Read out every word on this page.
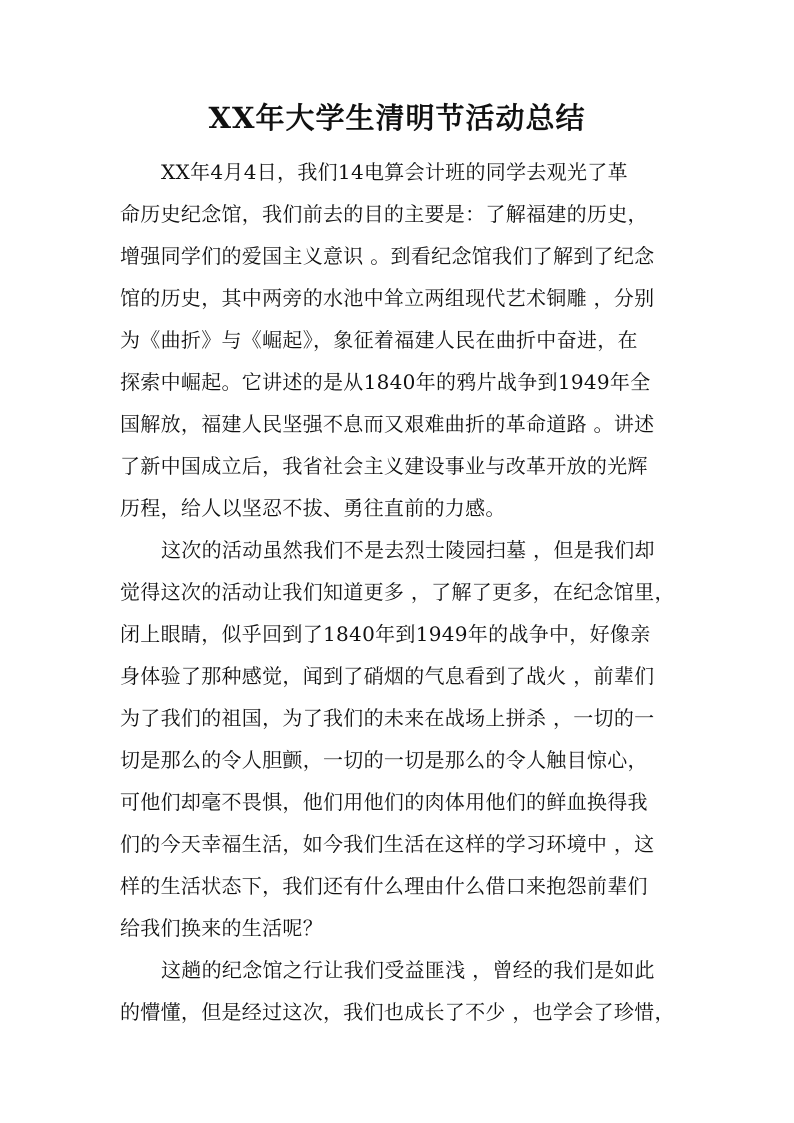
XX年大学生清明节活动总结
XX年4月4日，我们14电算会计班的同学去观光了革
命历史纪念馆，我们前去的目的主要是：了解福建的历史，
增强同学们的爱国主义意识 。到看纪念馆我们了解到了纪念
馆的历史，其中两旁的水池中耸立两组现代艺术铜雕 ，分别
为《曲折》与《崛起》，象征着福建人民在曲折中奋进，在
探索中崛起。它讲述的是从1840年的鸦片战争到1949年全
国解放，福建人民坚强不息而又艰难曲折的革命道路 。讲述
了新中国成立后，我省社会主义建设事业与改革开放的光辉
历程，给人以坚忍不拔、勇往直前的力感。
这次的活动虽然我们不是去烈士陵园扫墓 ，但是我们却
觉得这次的活动让我们知道更多 ，了解了更多，在纪念馆里，
闭上眼睛，似乎回到了1840年到1949年的战争中，好像亲
身体验了那种感觉，闻到了硝烟的气息看到了战火 ，前辈们
为了我们的祖国，为了我们的未来在战场上拼杀 ，一切的一
切是那么的令人胆颤，一切的一切是那么的令人触目惊心，
可他们却毫不畏惧，他们用他们的肉体用他们的鲜血换得我
们的今天幸福生活，如今我们生活在这样的学习环境中 ，这
样的生活状态下，我们还有什么理由什么借口来抱怨前辈们
给我们换来的生活呢？
这趟的纪念馆之行让我们受益匪浅 ，曾经的我们是如此
的懵懂，但是经过这次，我们也成长了不少 ，也学会了珍惜，
